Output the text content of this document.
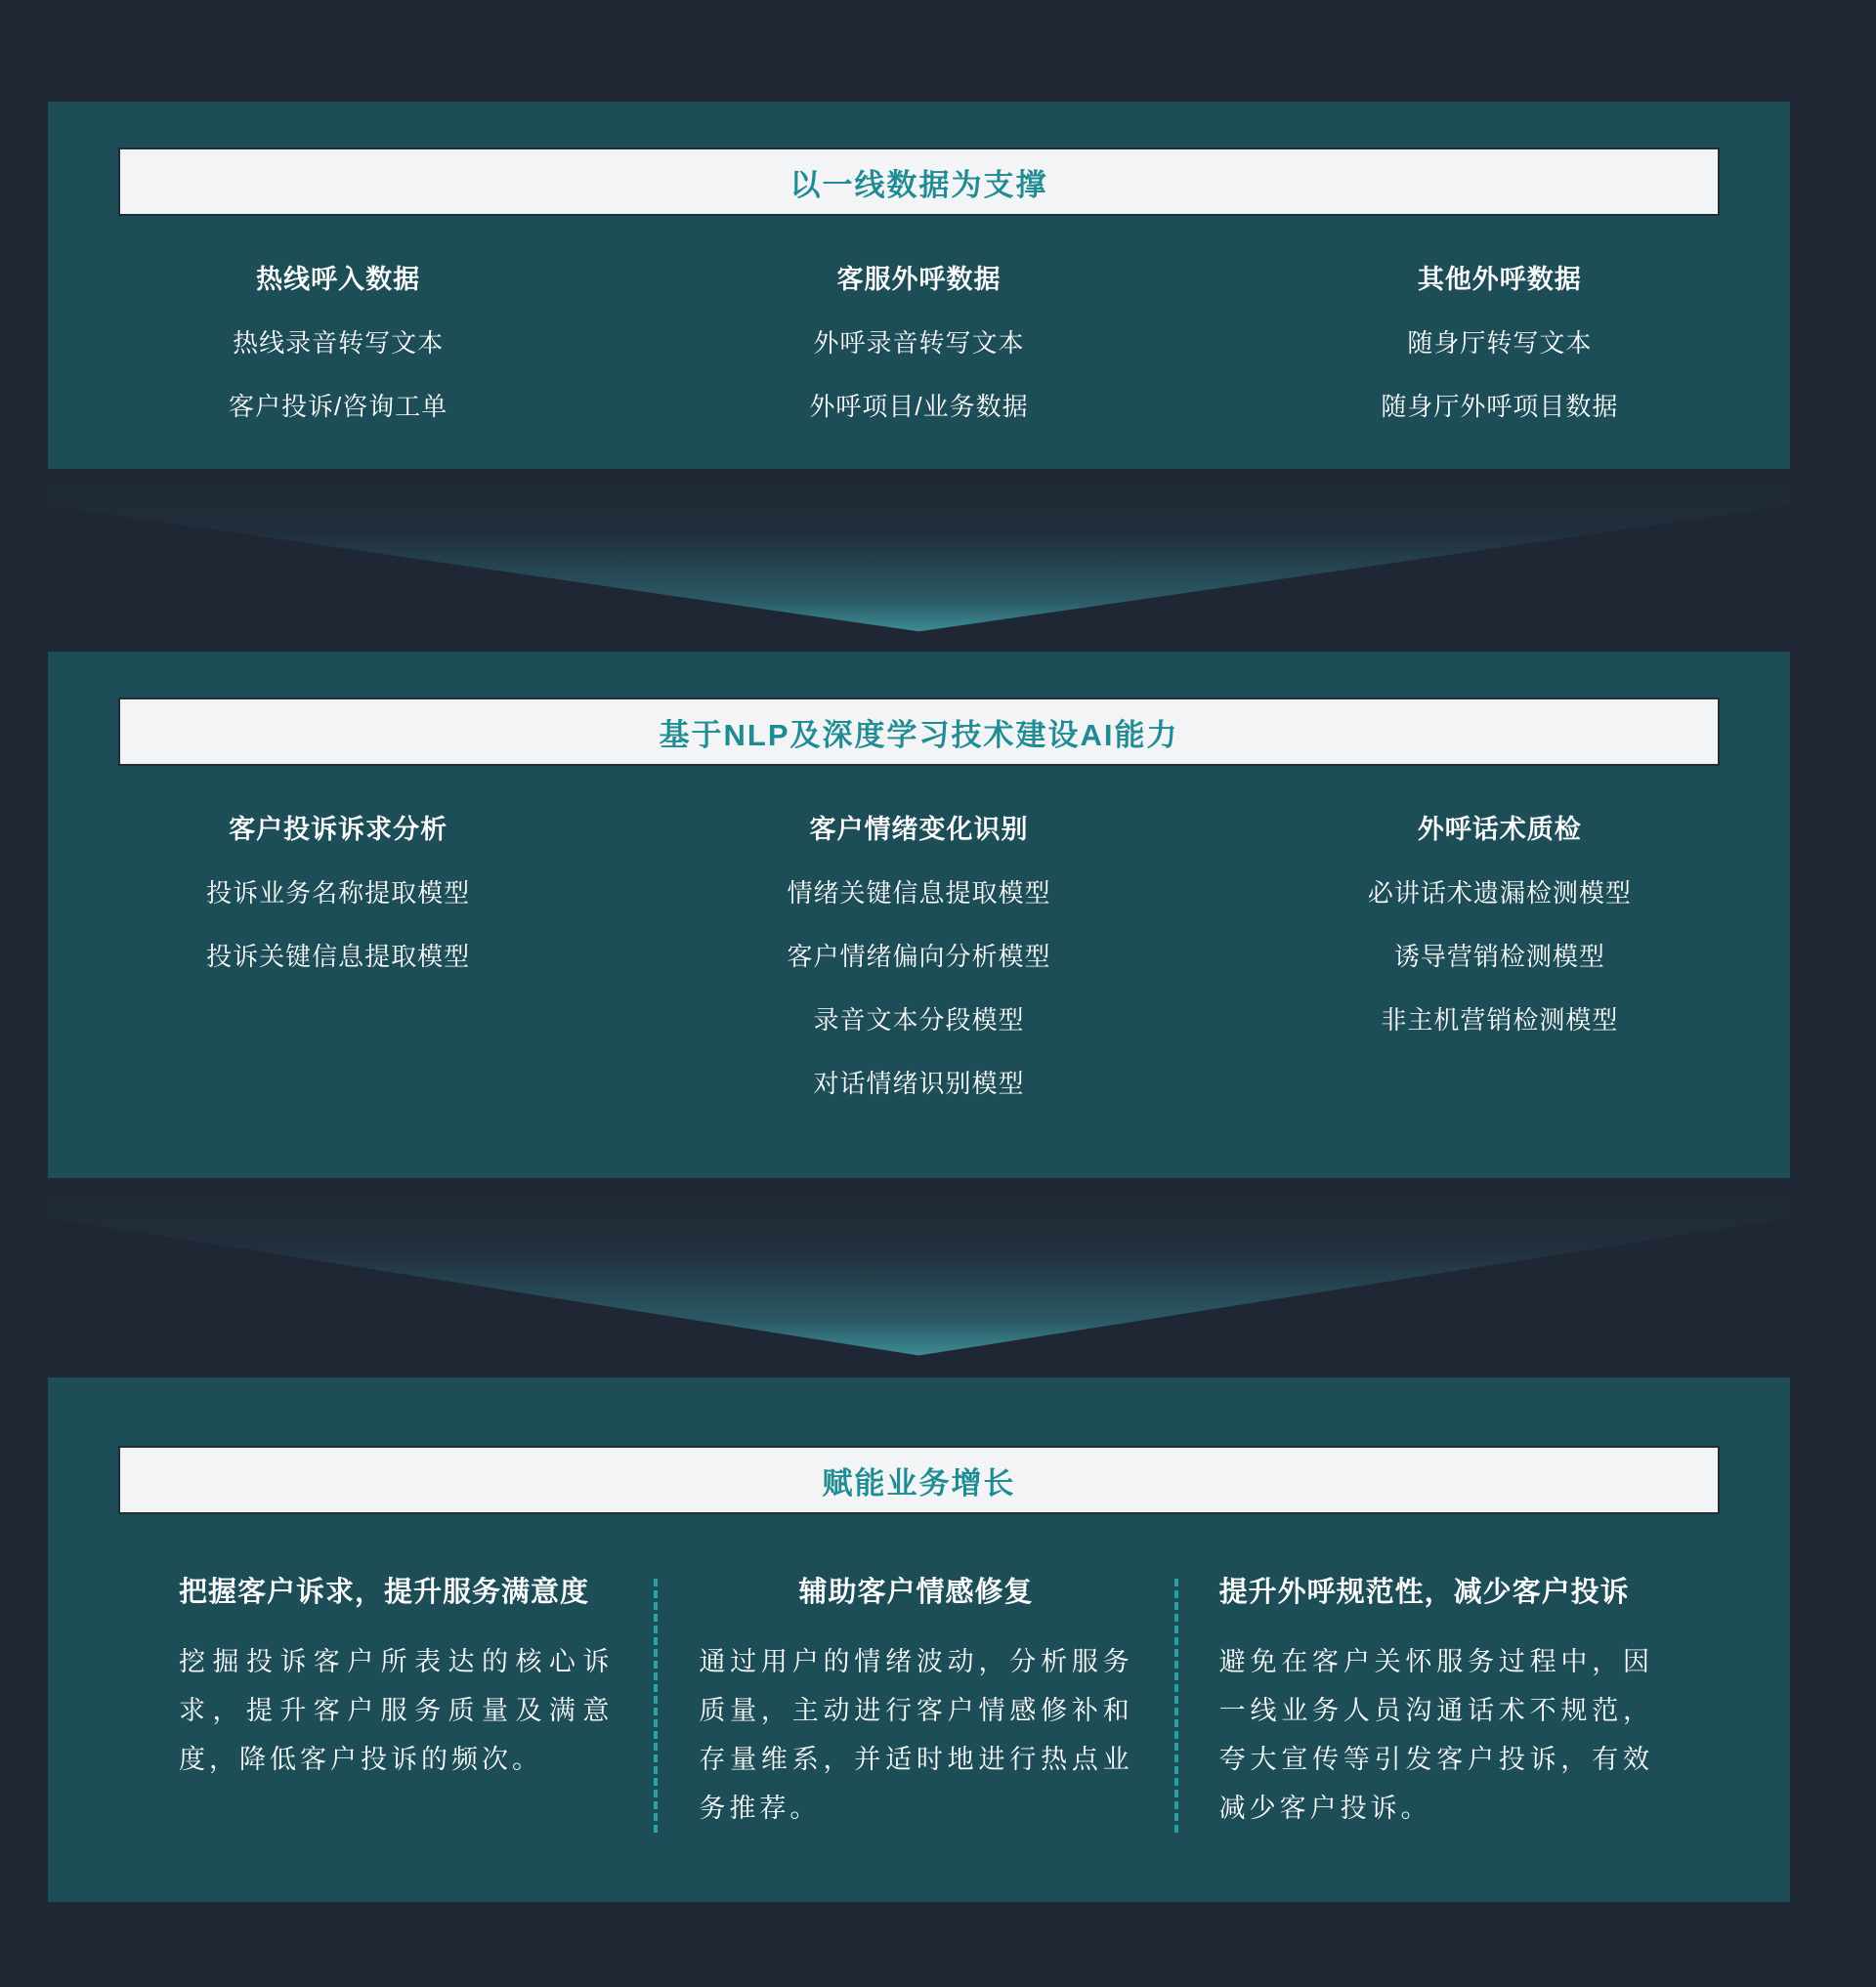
以一线数据为支撑
热线呼入数据
热线录音转写文本
客户投诉/咨询工单
客服外呼数据
外呼录音转写文本
外呼项目/业务数据
其他外呼数据
随身厅转写文本
随身厅外呼项目数据
基于NLP及深度学习技术建设AI能力
客户投诉诉求分析
投诉业务名称提取模型
投诉关键信息提取模型
客户情绪变化识别
情绪关键信息提取模型
客户情绪偏向分析模型
录音文本分段模型
对话情绪识别模型
外呼话术质检
必讲话术遗漏检测模型
诱导营销检测模型
非主机营销检测模型
赋能业务增长
把握客户诉求，提升服务满意度

挖掘投诉客户所表达的核心诉求，提升客户服务质量及满意度，降低客户投诉的频次。

辅助客户情感修复

通过用户的情绪波动，分析服务质量，主动进行客户情感修补和存量维系，并适时地进行热点业务推荐。

提升外呼规范性，减少客户投诉

避免在客户关怀服务过程中，因一线业务人员沟通话术不规范，夸大宣传等引发客户投诉，有效减少客户投诉。
